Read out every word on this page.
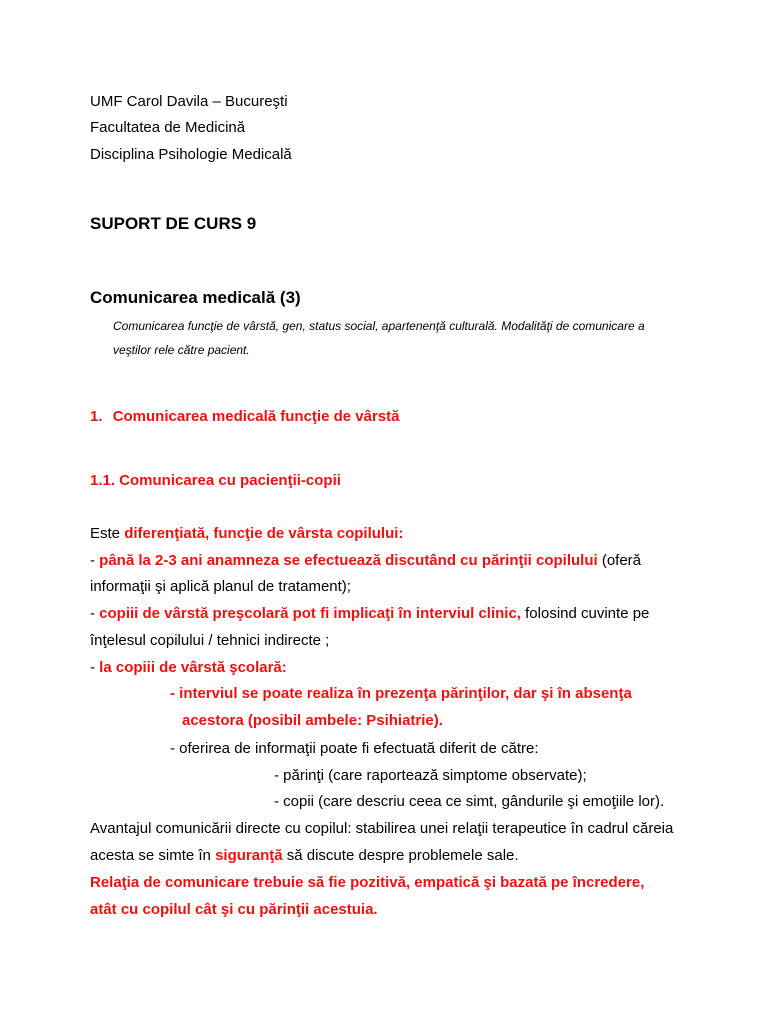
UMF Carol Davila – Bucureşti
Facultatea de Medicină
Disciplina Psihologie Medicală
SUPORT DE CURS 9
Comunicarea medicală (3)
Comunicarea funcţie de vârstă, gen, status social, apartenenţă culturală. Modalităţi de comunicare a
veştilor rele către pacient.
1. Comunicarea medicală funcţie de vârstă
1.1. Comunicarea cu pacienţii-copii
Este diferenţiată, funcţie de vârsta copilului:
- până la 2-3 ani anamneza se efectuează discutând cu părinţii copilului (oferă
informaţii şi aplică planul de tratament);
- copiii de vârstă preşcolară pot fi implicaţi în interviul clinic, folosind cuvinte pe
înţelesul copilului / tehnici indirecte ;
- la copiii de vârstă şcolară:
- interviul se poate realiza în prezenţa părinţilor, dar şi în absenţa
acestora (posibil ambele: Psihiatrie).
- oferirea de informaţii poate fi efectuată diferit de către:
- părinţi (care raportează simptome observate);
- copii (care descriu ceea ce simt, gândurile şi emoţiile lor).
Avantajul comunicării directe cu copilul: stabilirea unei relaţii terapeutice în cadrul căreia
acesta se simte în siguranţă să discute despre problemele sale.
Relaţia de comunicare trebuie să fie pozitivă, empatică şi bazată pe încredere,
atât cu copilul cât şi cu părinţii acestuia.
